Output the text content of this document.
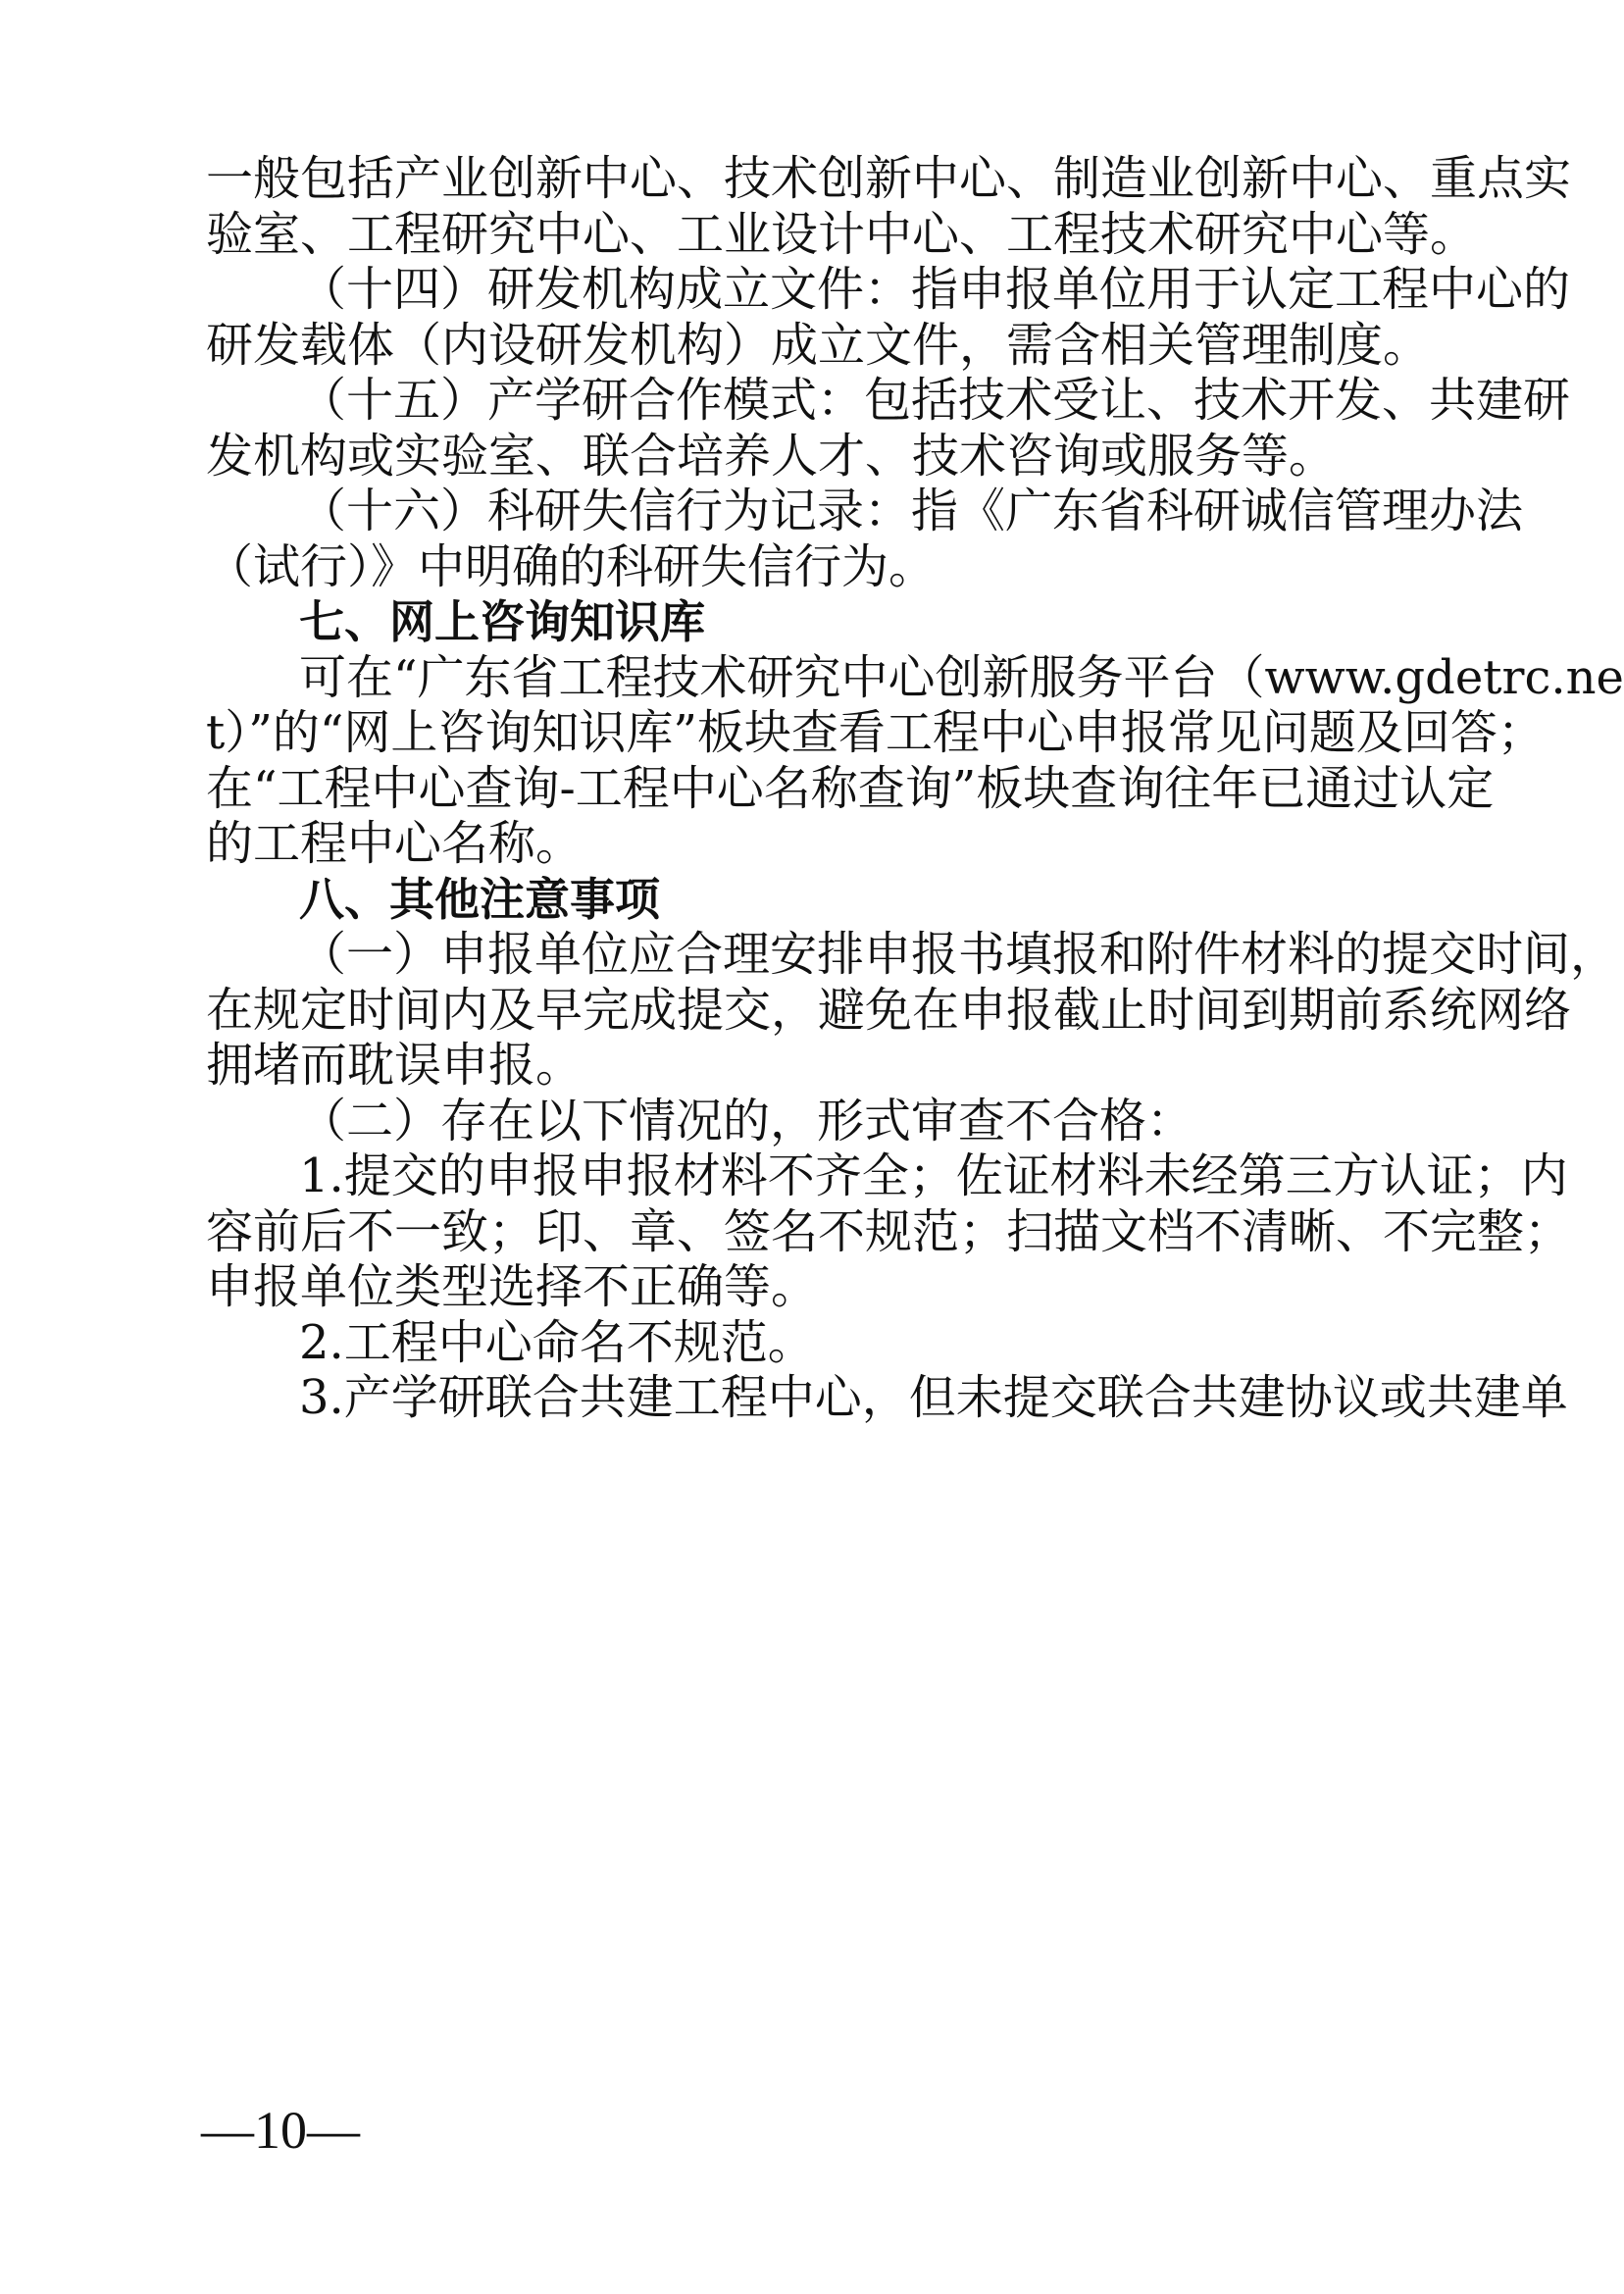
一般包括产业创新中心、技术创新中心、制造业创新中心、重点实
验室、工程研究中心、工业设计中心、工程技术研究中心等。
（十四）研发机构成立文件：指申报单位用于认定工程中心的
研发载体（内设研发机构）成立文件，需含相关管理制度。
（十五）产学研合作模式：包括技术受让、技术开发、共建研
发机构或实验室、联合培养人才、技术咨询或服务等。
（十六）科研失信行为记录：指《广东省科研诚信管理办法
（试行）》中明确的科研失信行为。
七、网上咨询知识库
可在“广东省工程技术研究中心创新服务平台（www.gdetrc.ne
t）”的“网上咨询知识库”板块查看工程中心申报常见问题及回答；
在“工程中心查询-工程中心名称查询”板块查询往年已通过认定
的工程中心名称。
八、其他注意事项
（一）申报单位应合理安排申报书填报和附件材料的提交时间，
在规定时间内及早完成提交，避免在申报截止时间到期前系统网络
拥堵而耽误申报。
（二）存在以下情况的，形式审查不合格：
1.提交的申报申报材料不齐全；佐证材料未经第三方认证；内
容前后不一致；印、章、签名不规范；扫描文档不清晰、不完整；
申报单位类型选择不正确等。
2.工程中心命名不规范。
3.产学研联合共建工程中心，但未提交联合共建协议或共建单
—10—
